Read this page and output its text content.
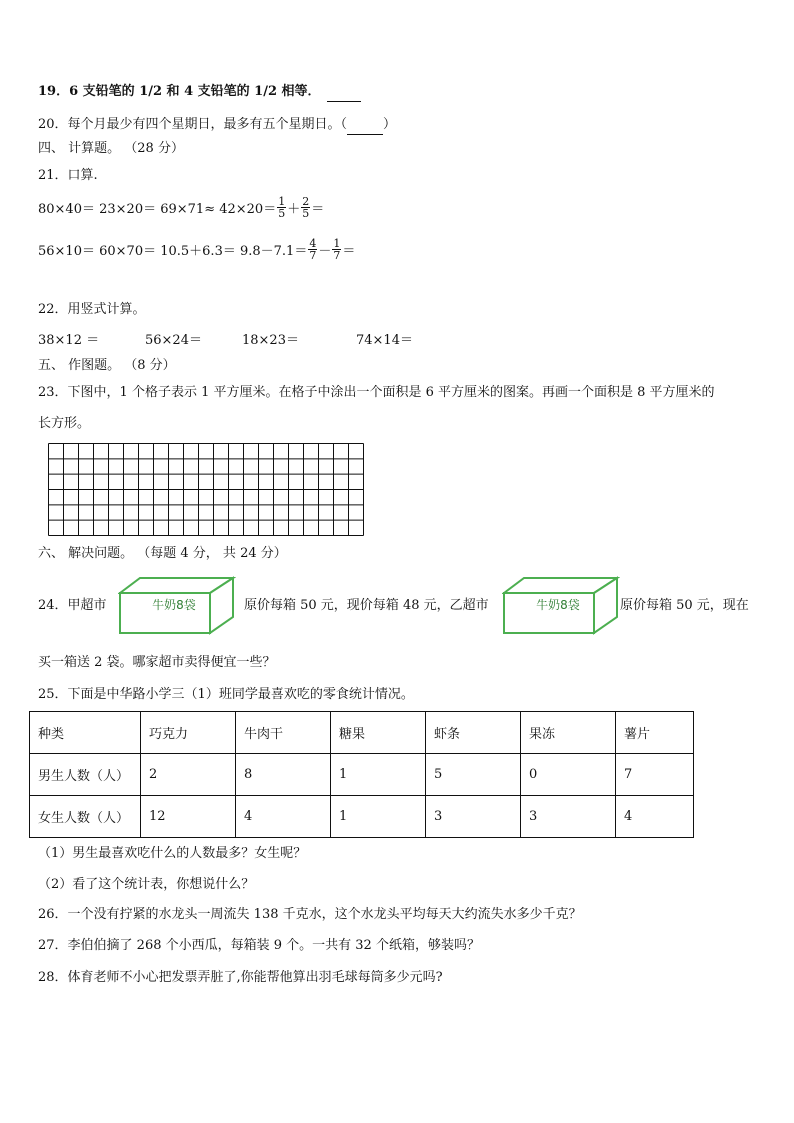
19．6 支铅笔的 1/2 和 4 支铅笔的 1/2 相等．
20．每个月最少有四个星期日，最多有五个星期日。（	）
四、 计算题。 （28 分）
21．口算.
$80\times 40= 23\times 20= 69\times 71\approx 42\times 20= \frac{1}{5} + \frac{2}{5}$ ＝
$56\times 10= 60\times 70= 10.5+6.3= 9.8-7.1= \frac{4}{7} - \frac{1}{7}$ ＝
22．用竖式计算。
38×12 ＝	56×24＝	18×23＝	74×14＝
五、 作图题。 （8 分）
23．下图中，1 个格子表示 1 平方厘米。在格子中涂出一个面积是 6 平方厘米的图案。再画一个面积是 8 平方厘米的
长方形。
六、 解决问题。 （每题 4 分， 共 24 分）
24．甲超市	牛奶8袋	原价每箱 50 元，现价每箱 48 元，乙超市	牛奶8袋	原价每箱 50 元，现在
买一箱送 2 袋。哪家超市卖得便宜一些？
25．下面是中华路小学三（1）班同学最喜欢吃的零食统计情况。
种类	巧克力	牛肉干	糖果	虾条	果冻	薯片
男生人数（人）	2	8	1	5	0	7
女生人数（人）	12	4	1	3	3	4
（1）男生最喜欢吃什么的人数最多？女生呢？
（2）看了这个统计表，你想说什么？
26．一个没有拧紧的水龙头一周流失 138 千克水，这个水龙头平均每天大约流失水多少千克？
27．李伯伯摘了 268 个小西瓜，每箱装 9 个。一共有 32 个纸箱，够装吗？
28．体育老师不小心把发票弄脏了,你能帮他算出羽毛球每筒多少元吗?
